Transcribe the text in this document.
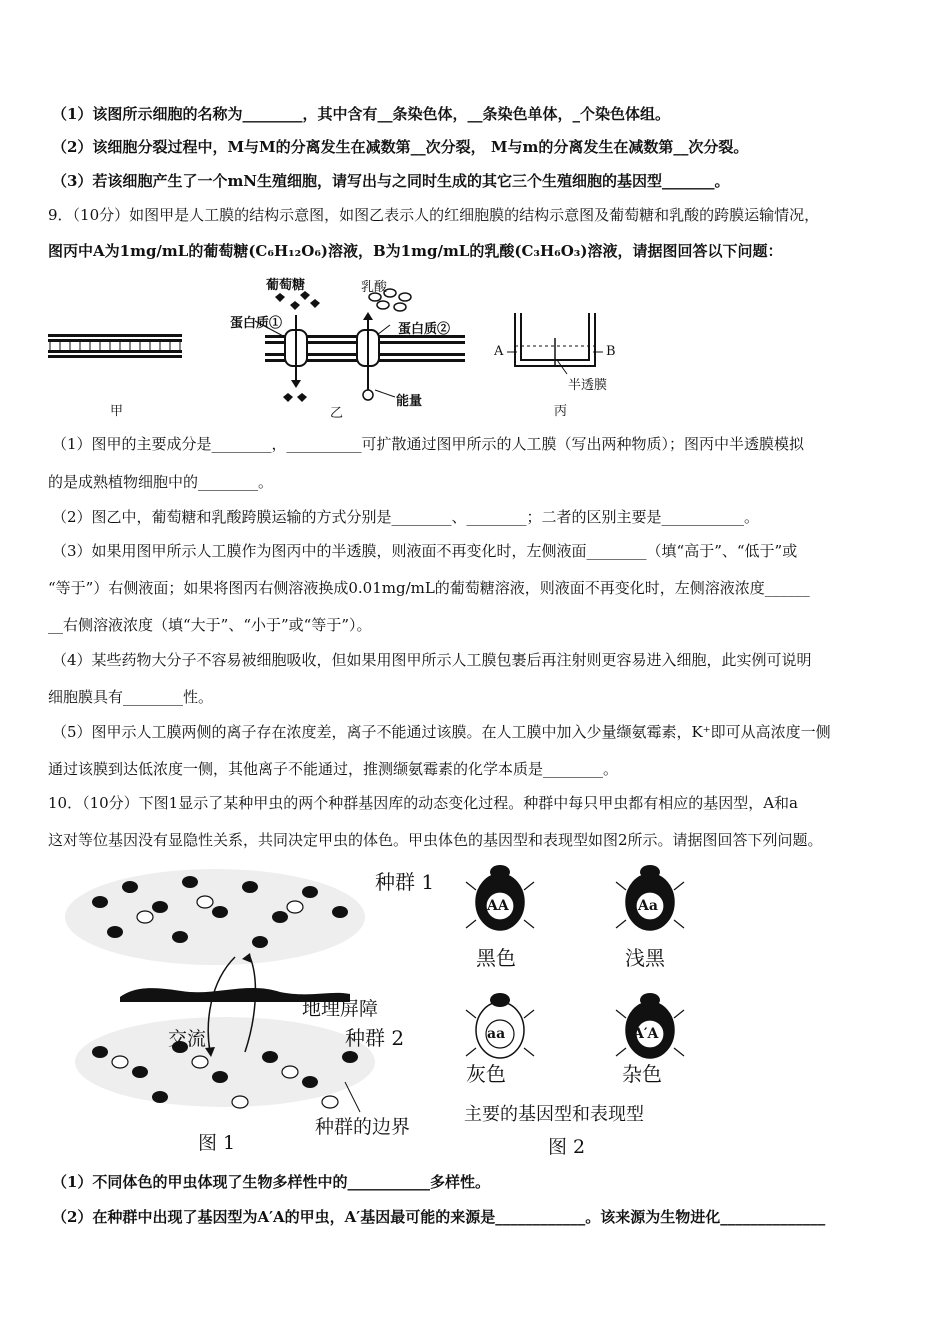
（1）该图所示细胞的名称为________，其中含有__条染色体，__条染色单体，_个染色体组。
（2）该细胞分裂过程中，M与M的分离发生在减数第__次分裂， M与m的分离发生在减数第__次分裂。
（3）若该细胞产生了一个mN生殖细胞，请写出与之同时生成的其它三个生殖细胞的基因型_______。
9．（10分）如图甲是人工膜的结构示意图，如图乙表示人的红细胞膜的结构示意图及葡萄糖和乳酸的跨膜运输情况，
图丙中A为1mg/mL的葡萄糖(C₆H₁₂O₆)溶液，B为1mg/mL的乳酸(C₃H₆O₃)溶液，请据图回答以下问题：
甲
葡萄糖	乳酸
蛋白质①	蛋白质②
能量
乙
A	B
半透膜
丙
（1）图甲的主要成分是________，__________可扩散通过图甲所示的人工膜（写出两种物质）；图丙中半透膜模拟
的是成熟植物细胞中的________。
（2）图乙中，葡萄糖和乳酸跨膜运输的方式分别是________、________；二者的区别主要是___________。
（3）如果用图甲所示人工膜作为图丙中的半透膜，则液面不再变化时，左侧液面________（填“高于”、“低于”或
“等于”）右侧液面；如果将图丙右侧溶液换成0.01mg/mL的葡萄糖溶液，则液面不再变化时，左侧溶液浓度______
__右侧溶液浓度（填“大于”、“小于”或“等于”）。
（4）某些药物大分子不容易被细胞吸收，但如果用图甲所示人工膜包裹后再注射则更容易进入细胞，此实例可说明
细胞膜具有________性。
（5）图甲示人工膜两侧的离子存在浓度差，离子不能通过该膜。在人工膜中加入少量缬氨霉素，K⁺即可从高浓度一侧
通过该膜到达低浓度一侧，其他离子不能通过，推测缬氨霉素的化学本质是________。
10．（10分）下图1显示了某种甲虫的两个种群基因库的动态变化过程。种群中每只甲虫都有相应的基因型，A和a
这对等位基因没有显隐性关系，共同决定甲虫的体色。甲虫体色的基因型和表现型如图2所示。请据图回答下列问题。
种群 1
地理屏障
交流	种群 2
种群的边界
图 1
AA	Aa
aa	A′A
黑色	浅黑
灰色	杂色
主要的基因型和表现型
图 2
（1）不同体色的甲虫体现了生物多样性中的___________多样性。
（2）在种群中出现了基因型为A′A的甲虫，A′基因最可能的来源是____________。该来源为生物进化______________
